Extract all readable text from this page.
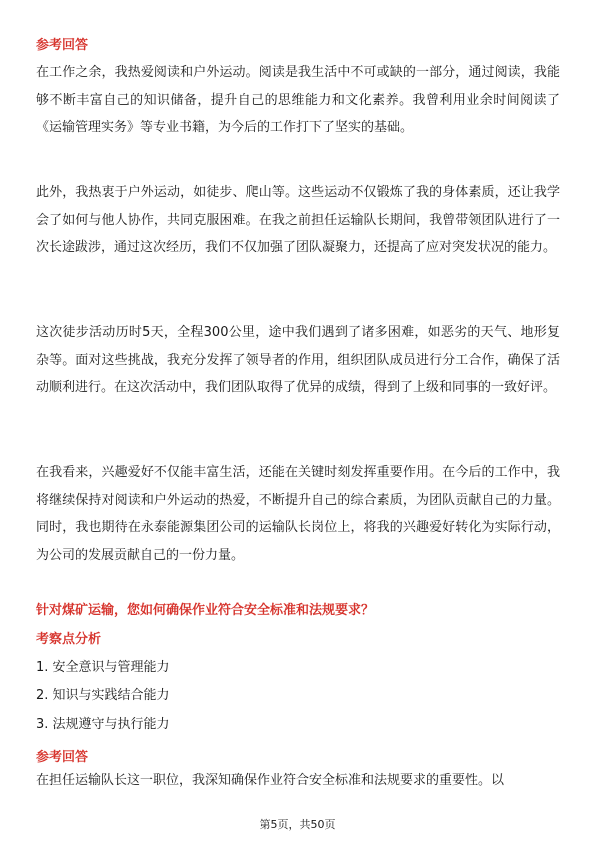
参考回答

在工作之余，我热爱阅读和户外运动。阅读是我生活中不可或缺的一部分，通过阅读，我能够不断丰富自己的知识储备，提升自己的思维能力和文化素养。我曾利用业余时间阅读了《运输管理实务》等专业书籍，为今后的工作打下了坚实的基础。

此外，我热衷于户外运动，如徒步、爬山等。这些运动不仅锻炼了我的身体素质，还让我学会了如何与他人协作，共同克服困难。在我之前担任运输队长期间，我曾带领团队进行了一次长途跋涉，通过这次经历，我们不仅加强了团队凝聚力，还提高了应对突发状况的能力。

这次徒步活动历时5天，全程300公里，途中我们遇到了诸多困难，如恶劣的天气、地形复杂等。面对这些挑战，我充分发挥了领导者的作用，组织团队成员进行分工合作，确保了活动顺利进行。在这次活动中，我们团队取得了优异的成绩，得到了上级和同事的一致好评。

在我看来，兴趣爱好不仅能丰富生活，还能在关键时刻发挥重要作用。在今后的工作中，我将继续保持对阅读和户外运动的热爱，不断提升自己的综合素质，为团队贡献自己的力量。同时，我也期待在永泰能源集团公司的运输队长岗位上，将我的兴趣爱好转化为实际行动，为公司的发展贡献自己的一份力量。

针对煤矿运输，您如何确保作业符合安全标准和法规要求？
考察点分析
1. 安全意识与管理能力
2. 知识与实践结合能力
3. 法规遵守与执行能力
参考回答

在担任运输队长这一职位，我深知确保作业符合安全标准和法规要求的重要性。以

第5页，共50页
